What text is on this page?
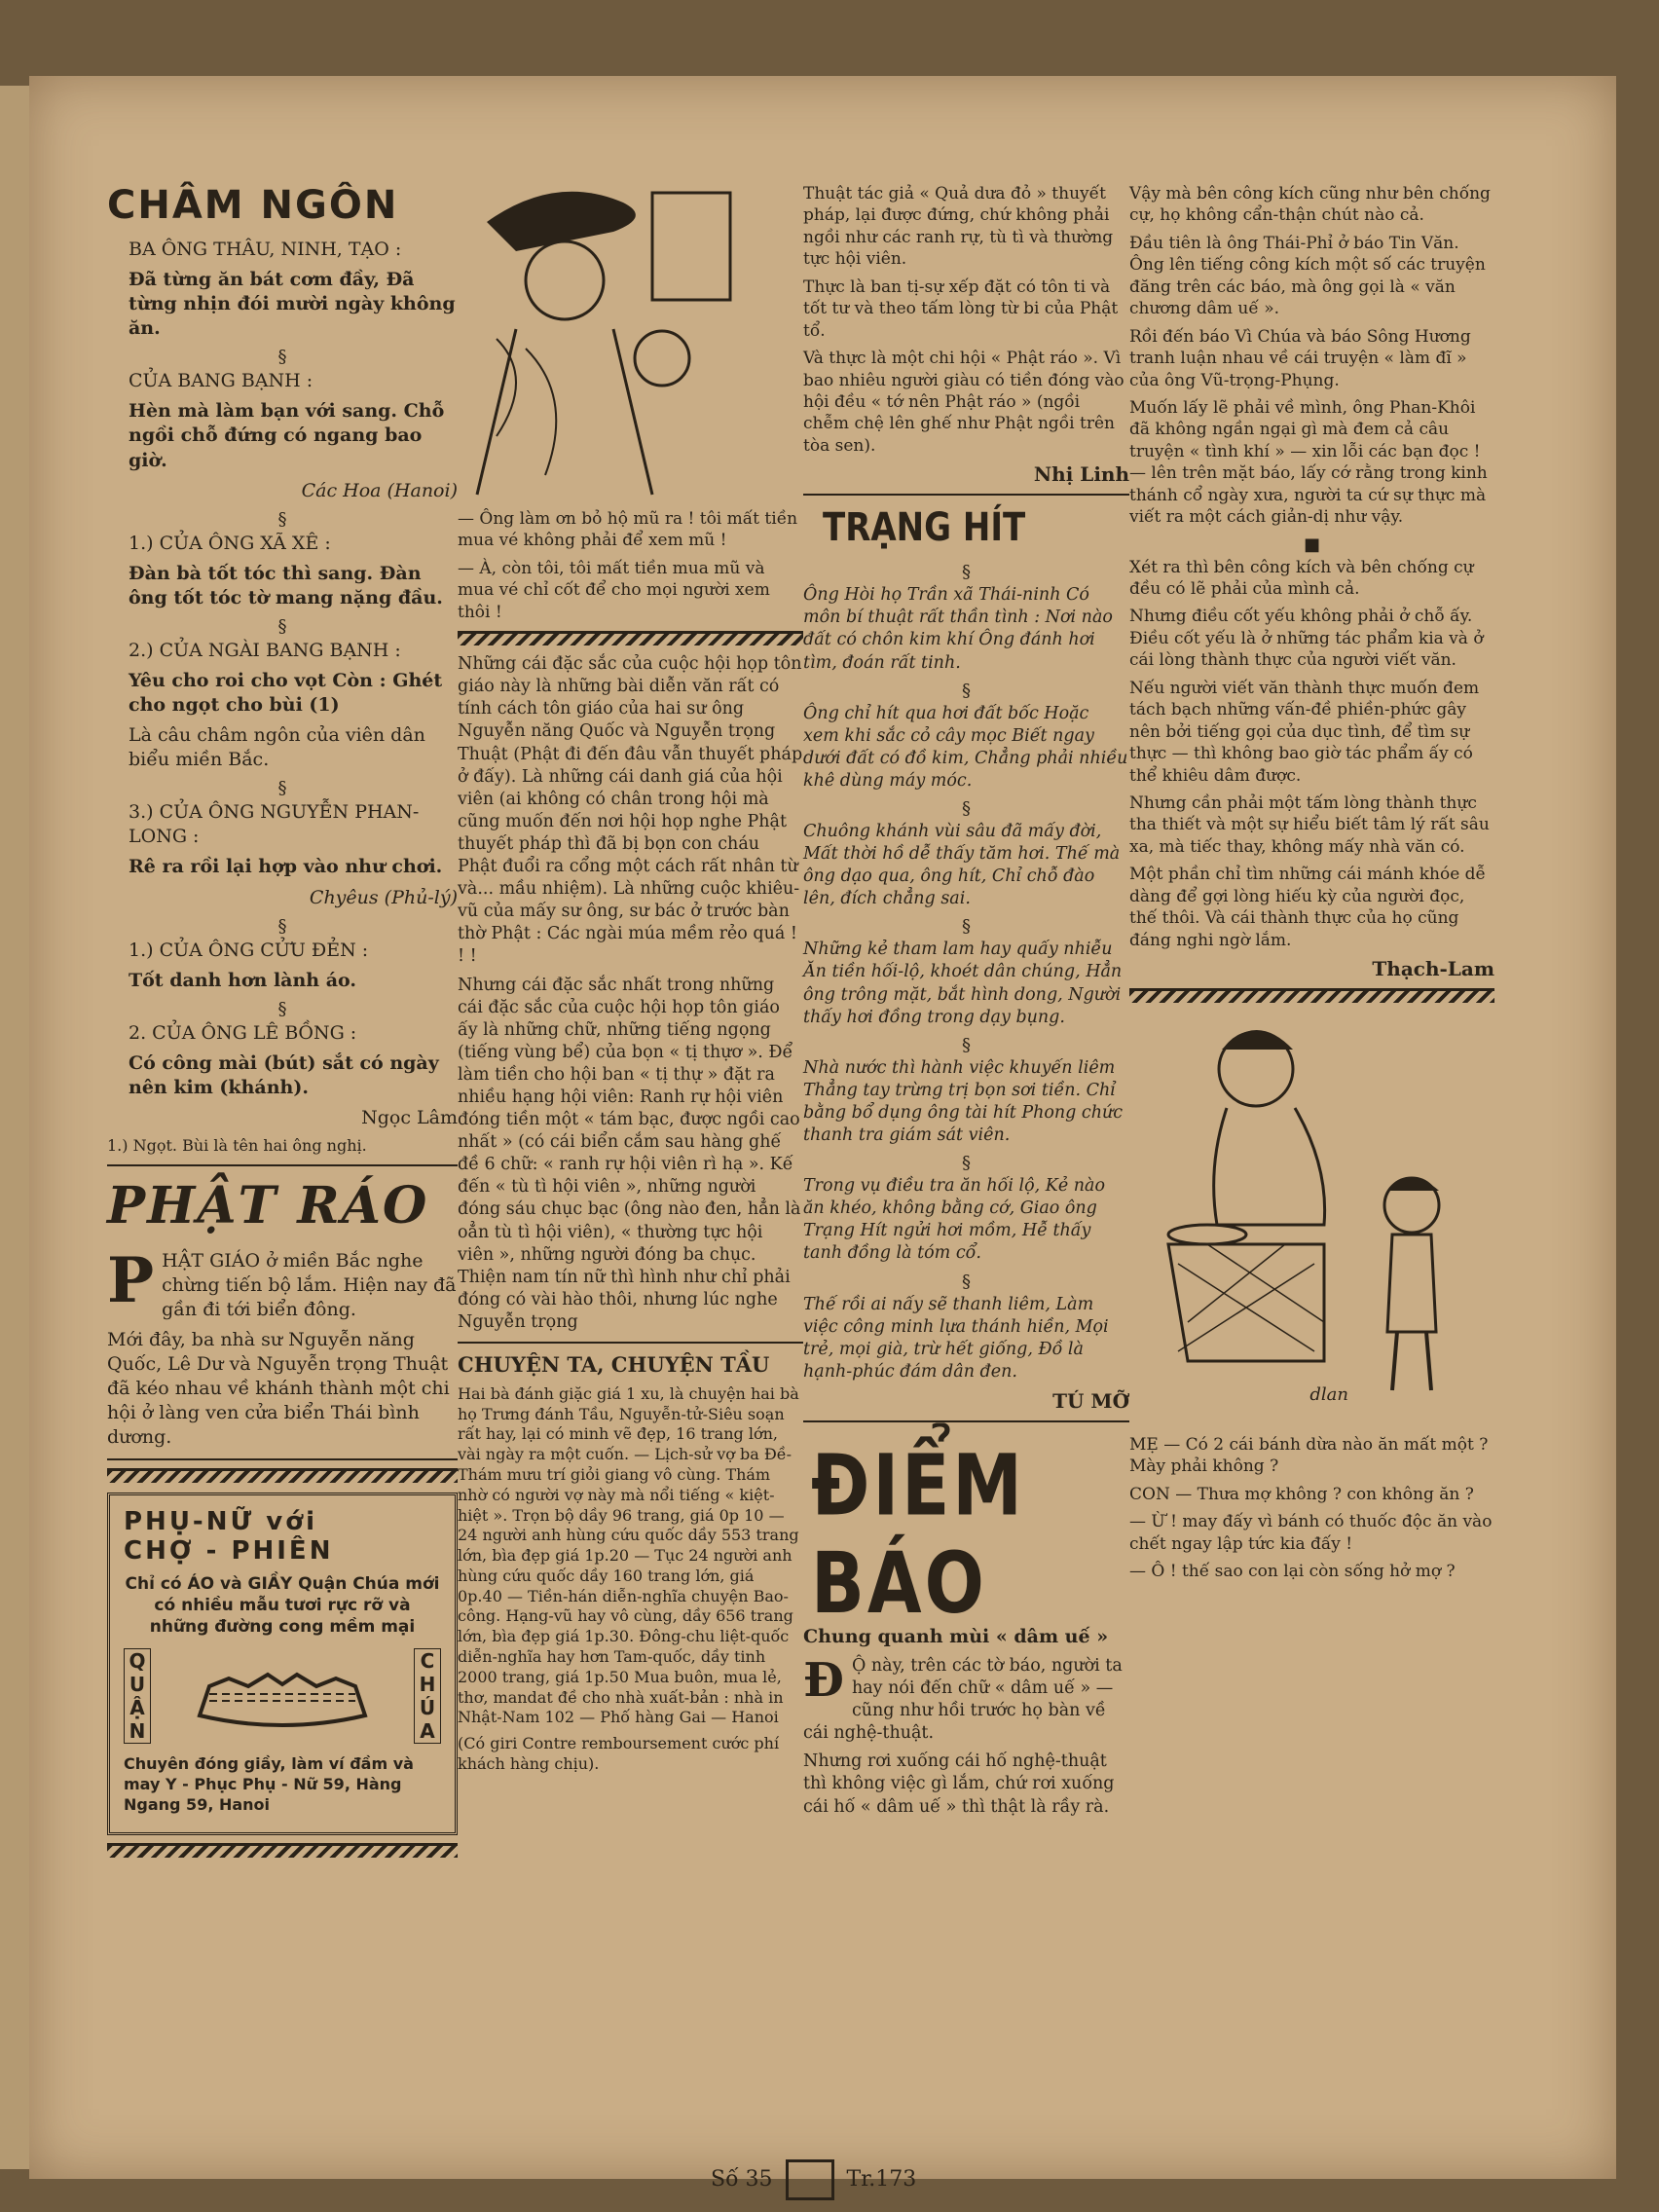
CHÂM NGÔN

BA ÔNG THÂU, NINH, TẠO :

Đã từng ăn bát cơm đầy, Đã từng nhịn đói mười ngày không ăn.

§

CỦA BANG BẠNH :

Hèn mà làm bạn với sang. Chỗ ngồi chỗ đứng có ngang bao giờ.

Các Hoa (Hanoi)

§

1.) CỦA ÔNG XÃ XÊ :

Đàn bà tốt tóc thì sang. Đàn ông tốt tóc tờ mang nặng đầu.

§

2.) CỦA NGÀI BANG BẠNH :

Yêu cho roi cho vọt Còn : Ghét cho ngọt cho bùi (1)

Là câu châm ngôn của viên dân biểu miền Bắc.

§

3.) CỦA ÔNG NGUYỄN PHAN-LONG :

Rê ra rồi lại hợp vào như chơi.

Chyêus (Phủ-lý)

§

1.) CỦA ÔNG CỬU ĐẺN :

Tốt danh hơn lành áo.

§

2. CỦA ÔNG LÊ BỒNG :

Có công mài (bút) sắt có ngày nên kim (khánh).

Ngọc Lâm

1.) Ngọt. Bùi là tên hai ông nghị.

PHẬT RÁO

PHẬT GIÁO ở miền Bắc nghe chừng tiến bộ lắm. Hiện nay đã gần đi tới biển đông.

Mới đây, ba nhà sư Nguyễn năng Quốc, Lê Dư và Nguyễn trọng Thuật đã kéo nhau về khánh thành một chi hội ở làng ven cửa biển Thái bình dương.

PHỤ-NỮ với
CHỢ - PHIÊN

Chỉ có ÁO và GIẦY Quận Chúa mới có nhiều mẫu tươi rực rỡ và những đường cong mềm mại

QUẬN	CHÚA

Chuyên đóng giầy, làm ví đầm và may Y - Phục Phụ - Nữ 59, Hàng Ngang 59, Hanoi

— Ông làm ơn bỏ hộ mũ ra ! tôi mất tiền mua vé không phải để xem mũ !

— À, còn tôi, tôi mất tiền mua mũ và mua vé chỉ cốt để cho mọi người xem thôi !

Những cái đặc sắc của cuộc hội họp tôn giáo này là những bài diễn văn rất có tính cách tôn giáo của hai sư ông Nguyễn năng Quốc và Nguyễn trọng Thuật (Phật đi đến đâu vẫn thuyết pháp ở đấy). Là những cái danh giá của hội viên (ai không có chân trong hội mà cũng muốn đến nơi hội họp nghe Phật thuyết pháp thì đã bị bọn con cháu Phật đuổi ra cổng một cách rất nhân từ và... mầu nhiệm). Là những cuộc khiêu-vũ của mấy sư ông, sư bác ở trước bàn thờ Phật : Các ngài múa mềm rẻo quá ! ! !

Nhưng cái đặc sắc nhất trong những cái đặc sắc của cuộc hội họp tôn giáo ấy là những chữ, những tiếng ngọng (tiếng vùng bể) của bọn « tị thựơ ». Để làm tiền cho hội ban « tị thự » đặt ra nhiều hạng hội viên: Ranh rự hội viên đóng tiền một « tám bạc, được ngồi cao nhất » (có cái biển cắm sau hàng ghế đề 6 chữ: « ranh rự hội viên rì hạ ». Kế đến « tù tì hội viên », những người đóng sáu chục bạc (ông nào đen, hẳn là oẳn tù tì hội viên), « thường tực hội viên », những người đóng ba chục. Thiện nam tín nữ thì hình như chỉ phải đóng có vài hào thôi, nhưng lúc nghe Nguyễn trọng

CHUYỆN TA, CHUYỆN TẦU

Hai bà đánh giặc giá 1 xu, là chuyện hai bà họ Trưng đánh Tầu, Nguyễn-tử-Siêu soạn rất hay, lại có minh vẽ đẹp, 16 trang lớn, vài ngày ra một cuốn. — Lịch-sử vợ ba Đề-Thám mưu trí giỏi giang vô cùng. Thám nhờ có người vợ này mà nổi tiếng « kiệt-hiệt ». Trọn bộ dầy 96 trang, giá 0p 10 — 24 người anh hùng cứu quốc dầy 553 trang lớn, bìa đẹp giá 1p.20 — Tục 24 người anh hùng cứu quốc dầy 160 trang lớn, giá 0p.40 — Tiền-hán diễn-nghĩa chuyện Bao-công. Hạng-vũ hay vô cùng, dầy 656 trang lớn, bìa đẹp giá 1p.30. Đông-chu liệt-quốc diễn-nghĩa hay hơn Tam-quốc, dầy tinh 2000 trang, giá 1p.50 Mua buôn, mua lẻ, thơ, mandat đề cho nhà xuất-bản : nhà in Nhật-Nam 102 — Phố hàng Gai — Hanoi

(Có giri Contre remboursement cước phí khách hàng chịu).

Thuật tác giả « Quả dưa đỏ » thuyết pháp, lại được đứng, chứ không phải ngồi như các ranh rự, tù tì và thường tực hội viên.

Thực là ban tị-sự xếp đặt có tôn ti và tốt tư và theo tấm lòng từ bi của Phật tổ.

Và thực là một chi hội « Phật ráo ». Vì bao nhiêu người giàu có tiền đóng vào hội đều « tớ nên Phật ráo » (ngồi chễm chệ lên ghế như Phật ngồi trên tòa sen).

Nhị Linh
TRẠNG HÍT
§

Ông Hòi họ Trần xã Thái-ninh Có môn bí thuật rất thần tình : Nơi nào đất có chôn kim khí Ông đánh hơi tìm, đoán rất tinh.

§

Ông chỉ hít qua hơi đất bốc Hoặc xem khi sắc cỏ cây mọc Biết ngay dưới đất có đồ kim, Chẳng phải nhiều khê dùng máy móc.

§

Chuông khánh vùi sâu đã mấy đời, Mất thời hồ dễ thấy tăm hơi. Thế mà ông dạo qua, ông hít, Chỉ chỗ đào lên, đích chẳng sai.

§

Những kẻ tham lam hay quấy nhiễu Ăn tiền hối-lộ, khoét dân chúng, Hẳn ông trông mặt, bắt hình dong, Người thấy hơi đồng trong dạy bụng.

§

Nhà nước thì hành việc khuyến liêm Thẳng tay trừng trị bọn sơi tiền. Chỉ bằng bổ dụng ông tài hít Phong chức thanh tra giám sát viên.

§

Trong vụ điều tra ăn hối lộ, Kẻ nào ăn khéo, không bằng cớ, Giao ông Trạng Hít ngửi hơi mồm, Hễ thấy tanh đồng là tóm cổ.

§

Thế rồi ai nấy sẽ thanh liêm, Làm việc công minh lựa thánh hiền, Mọi trẻ, mọi già, trừ hết giống, Đồ là hạnh-phúc đám dân đen.

TÚ MỠ
ĐIỂM BÁO

Chung quanh mùi « dâm uế »

Đ Ộ này, trên các tờ báo, người ta hay nói đến chữ « dâm uế » — cũng như hồi trước họ bàn về cái nghệ-thuật.

Nhưng rơi xuống cái hố nghệ-thuật thì không việc gì lắm, chứ rơi xuống cái hố « dâm uế » thì thật là rầy rà.

Vậy mà bên công kích cũng như bên chống cự, họ không cẩn-thận chút nào cả.

Đầu tiên là ông Thái-Phỉ ở báo Tin Văn. Ông lên tiếng công kích một số các truyện đăng trên các báo, mà ông gọi là « văn chương dâm uế ».

Rồi đến báo Vì Chúa và báo Sông Hương tranh luận nhau về cái truyện « làm đĩ » của ông Vũ-trọng-Phụng.

Muốn lấy lẽ phải về mình, ông Phan-Khôi đã không ngần ngại gì mà đem cả câu truyện « tình khí » — xin lỗi các bạn đọc ! — lên trên mặt báo, lấy cớ rằng trong kinh thánh cổ ngày xưa, người ta cứ sự thực mà viết ra một cách giản-dị như vậy.

■

Xét ra thì bên công kích và bên chống cự đều có lẽ phải của mình cả.

Nhưng điều cốt yếu không phải ở chỗ ấy. Điều cốt yếu là ở những tác phẩm kia và ở cái lòng thành thực của người viết văn.

Nếu người viết văn thành thực muốn đem tách bạch những vấn-đề phiền-phức gây nên bởi tiếng gọi của dục tình, để tìm sự thực — thì không bao giờ tác phẩm ấy có thể khiêu dâm được.

Nhưng cần phải một tấm lòng thành thực tha thiết và một sự hiểu biết tâm lý rất sâu xa, mà tiếc thay, không mấy nhà văn có.

Một phần chỉ tìm những cái mánh khóe dễ dàng để gợi lòng hiếu kỳ của người đọc, thế thôi. Và cái thành thực của họ cũng đáng nghi ngờ lắm.

Thạch-Lam
dlan

MẸ — Có 2 cái bánh dừa nào ăn mất một ? Mày phải không ?

CON — Thưa mợ không ? con không ăn ?

— Ừ ! may đấy vì bánh có thuốc độc ăn vào chết ngay lập tức kia đấy !

— Ô ! thế sao con lại còn sống hở mợ ?

Số 35	Tr.173
